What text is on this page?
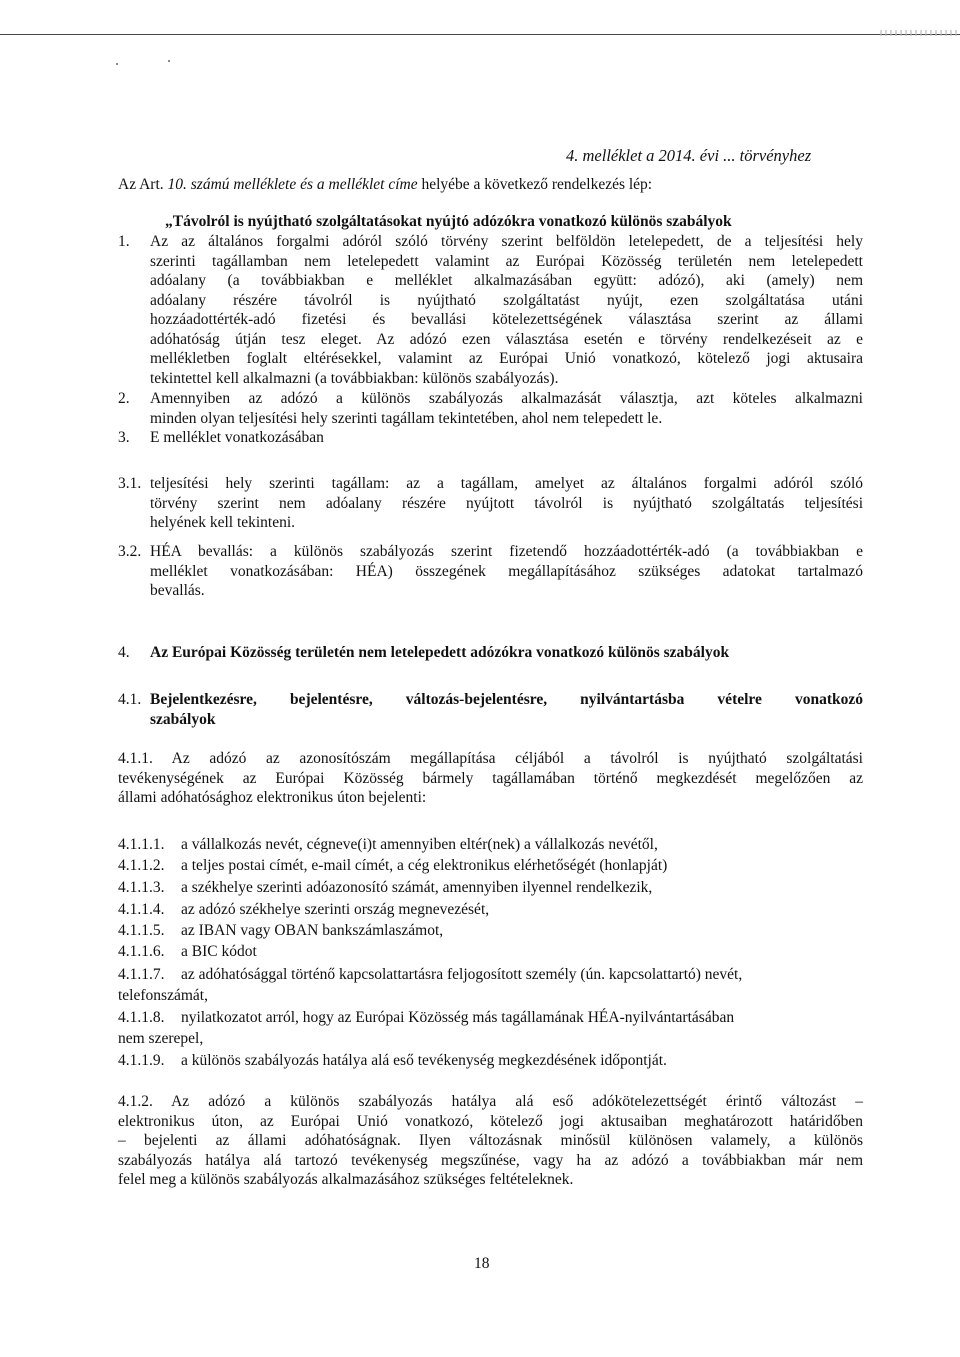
4. melléklet a 2014. évi ... törvényhez
Az Art. 10. számú melléklete és a melléklet címe helyébe a következő rendelkezés lép:
„Távolról is nyújtható szolgáltatásokat nyújtó adózókra vonatkozó különös szabályok
1. Az az általános forgalmi adóról szóló törvény szerint belföldön letelepedett, de a teljesítési hely
szerinti tagállamban nem letelepedett valamint az Európai Közösség területén nem letelepedett
adóalany (a továbbiakban e melléklet alkalmazásában együtt: adózó), aki (amely) nem
adóalany részére távolról is nyújtható szolgáltatást nyújt, ezen szolgáltatása utáni
hozzáadottérték-adó fizetési és bevallási kötelezettségének választása szerint az állami
adóhatóság útján tesz eleget. Az adózó ezen választása esetén e törvény rendelkezéseit az e
mellékletben foglalt eltérésekkel, valamint az Európai Unió vonatkozó, kötelező jogi aktusaira
tekintettel kell alkalmazni (a továbbiakban: különös szabályozás).
2. Amennyiben az adózó a különös szabályozás alkalmazását választja, azt köteles alkalmazni
minden olyan teljesítési hely szerinti tagállam tekintetében, ahol nem telepedett le.
3. E melléklet vonatkozásában
3.1. teljesítési hely szerinti tagállam: az a tagállam, amelyet az általános forgalmi adóról szóló
törvény szerint nem adóalany részére nyújtott távolról is nyújtható szolgáltatás teljesítési
helyének kell tekinteni.
3.2. HÉA bevallás: a különös szabályozás szerint fizetendő hozzáadottérték-adó (a továbbiakban e
melléklet vonatkozásában: HÉA) összegének megállapításához szükséges adatokat tartalmazó
bevallás.
4. Az Európai Közösség területén nem letelepedett adózókra vonatkozó különös szabályok
4.1. Bejelentkezésre, bejelentésre, változás-bejelentésre, nyilvántartásba vételre vonatkozó
szabályok
4.1.1. Az adózó az azonosítószám megállapítása céljából a távolról is nyújtható szolgáltatási
tevékenységének az Európai Közösség bármely tagállamában történő megkezdését megelőzően az
állami adóhatósághoz elektronikus úton bejelenti:
4.1.1.1. a vállalkozás nevét, cégneve(i)t amennyiben eltér(nek) a vállalkozás nevétől,
4.1.1.2. a teljes postai címét, e-mail címét, a cég elektronikus elérhetőségét (honlapját)
4.1.1.3. a székhelye szerinti adóazonosító számát, amennyiben ilyennel rendelkezik,
4.1.1.4. az adózó székhelye szerinti ország megnevezését,
4.1.1.5. az IBAN vagy OBAN bankszámlaszámot,
4.1.1.6. a BIC kódot
4.1.1.7. az adóhatósággal történő kapcsolattartásra feljogosított személy (ún. kapcsolattartó) nevét,
telefonszámát,
4.1.1.8. nyilatkozatot arról, hogy az Európai Közösség más tagállamának HÉA-nyilvántartásában
nem szerepel,
4.1.1.9. a különös szabályozás hatálya alá eső tevékenység megkezdésének időpontját.
4.1.2. Az adózó a különös szabályozás hatálya alá eső adókötelezettségét érintő változást –
elektronikus úton, az Európai Unió vonatkozó, kötelező jogi aktusaiban meghatározott határidőben
– bejelenti az állami adóhatóságnak. Ilyen változásnak minősül különösen valamely, a különös
szabályozás hatálya alá tartozó tevékenység megszűnése, vagy ha az adózó a továbbiakban már nem
felel meg a különös szabályozás alkalmazásához szükséges feltételeknek.
18
